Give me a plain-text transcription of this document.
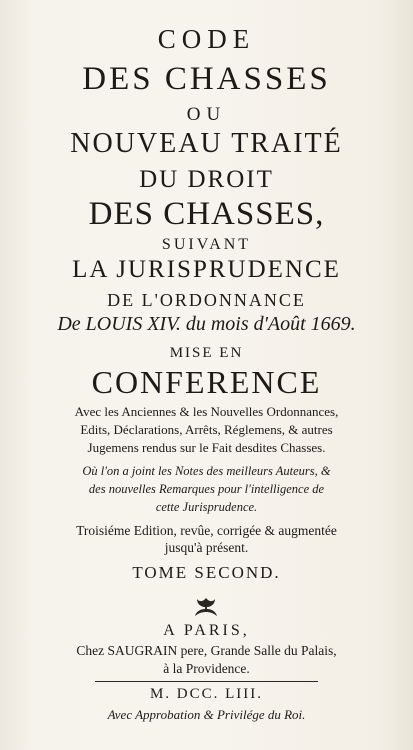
CODE
DES CHASSES
OU
NOUVEAU TRAITÉ
DU DROIT
DES CHASSES,
SUIVANT
LA JURISPRUDENCE
DE L'ORDONNANCE
De LOUIS XIV. du mois d'Août 1669.
MISE EN
CONFERENCE
Avec les Anciennes & les Nouvelles Ordonnances,
Edits, Déclarations, Arrêts, Réglemens, & autres
Jugemens rendus sur le Fait desdites Chasses.
Où l'on a joint les Notes des meilleurs Auteurs, &
des nouvelles Remarques pour l'intelligence de
cette Jurisprudence.
Troisiéme Edition, revûe, corrigée & augmentée
jusqu'à présent.
TOME SECOND.
A PARIS,
Chez SAUGRAIN pere, Grande Salle du Palais,
à la Providence.
M. DCC. LIII.
Avec Approbation & Privilége du Roi.
